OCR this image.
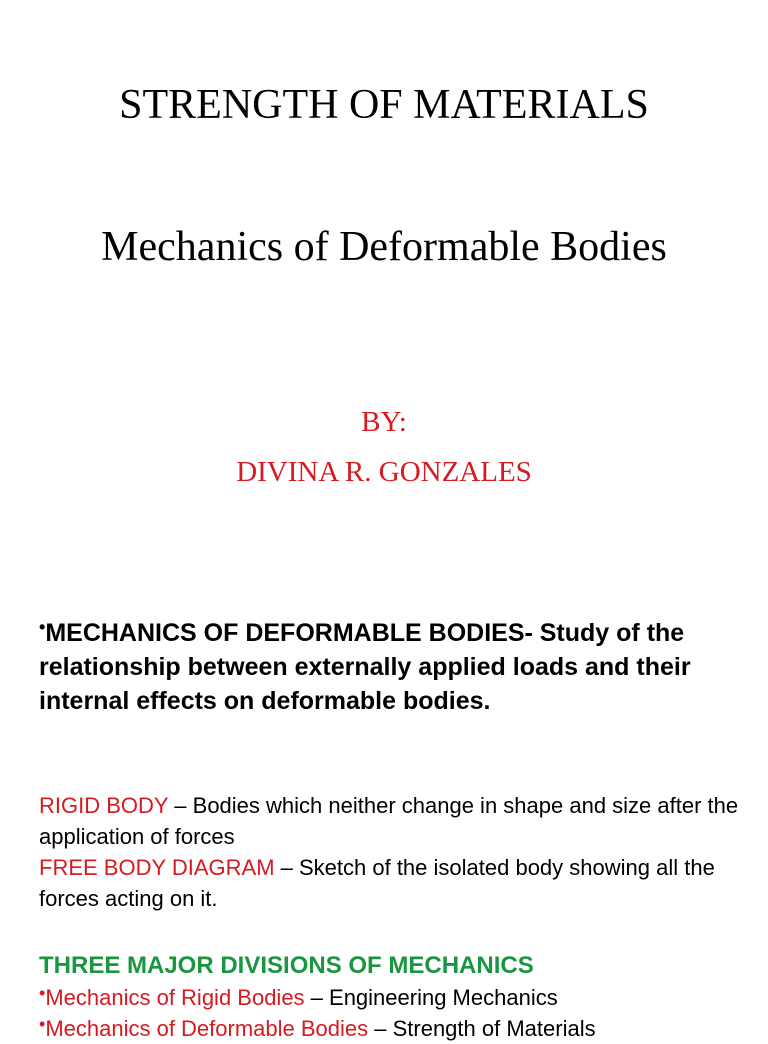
STRENGTH OF MATERIALS
Mechanics of Deformable Bodies
BY:
DIVINA R. GONZALES
•MECHANICS OF DEFORMABLE BODIES- Study of the relationship between externally applied loads and their internal effects on deformable bodies.
RIGID BODY – Bodies which neither change in shape and size after the application of forces
FREE BODY DIAGRAM – Sketch of the isolated body showing all the forces acting on it.
THREE MAJOR DIVISIONS OF MECHANICS
•Mechanics of Rigid Bodies – Engineering Mechanics
•Mechanics of Deformable Bodies – Strength of Materials
